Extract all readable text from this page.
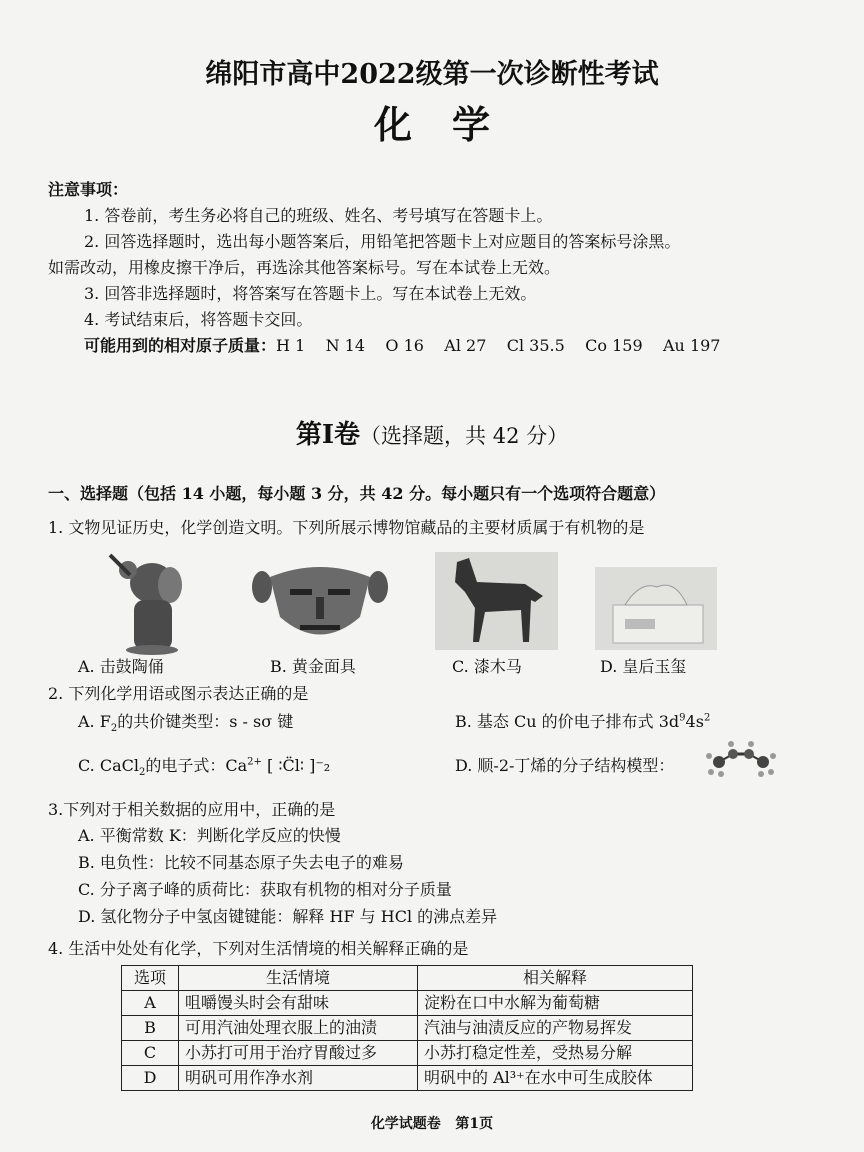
绵阳市高中2022级第一次诊断性考试
化学
注意事项：
1. 答卷前，考生务必将自己的班级、姓名、考号填写在答题卡上。
2. 回答选择题时，选出每小题答案后，用铅笔把答题卡上对应题目的答案标号涂黑。
如需改动，用橡皮擦干净后，再选涂其他答案标号。写在本试卷上无效。
3. 回答非选择题时，将答案写在答题卡上。写在本试卷上无效。
4. 考试结束后，将答题卡交回。
可能用到的相对原子质量：H 1    N 14    O 16    Al 27    Cl 35.5    Co 159    Au 197
第Ⅰ卷（选择题，共 42 分）
一、选择题（包括 14 小题，每小题 3 分，共 42 分。每小题只有一个选项符合题意）
1. 文物见证历史，化学创造文明。下列所展示博物馆藏品的主要材质属于有机物的是
A. 击鼓陶俑	B. 黄金面具	C. 漆木马	D. 皇后玉玺
2. 下列化学用语或图示表达正确的是
A. $F_2$的共价键类型：s - sσ 键	B. 基态 Cu 的价电子排布式 $3d^94s^2$
C. CaCl$_2$的电子式：$Ca^{2+}$ [ ∶C̈l∶ ]⁻₂	D. 顺-2-丁烯的分子结构模型：
3.下列对于相关数据的应用中，正确的是
A. 平衡常数 K：判断化学反应的快慢
B. 电负性：比较不同基态原子失去电子的难易
C. 分子离子峰的质荷比：获取有机物的相对分子质量
D. 氢化物分子中氢卤键键能：解释 HF 与 HCl 的沸点差异
4. 生活中处处有化学，下列对生活情境的相关解释正确的是
选项	生活情境	相关解释
A	咀嚼馒头时会有甜味	淀粉在口中水解为葡萄糖
B	可用汽油处理衣服上的油渍	汽油与油渍反应的产物易挥发
C	小苏打可用于治疗胃酸过多	小苏打稳定性差，受热易分解
D	明矾可用作净水剂	明矾中的 Al³⁺在水中可生成胶体
化学试题卷   第1页
